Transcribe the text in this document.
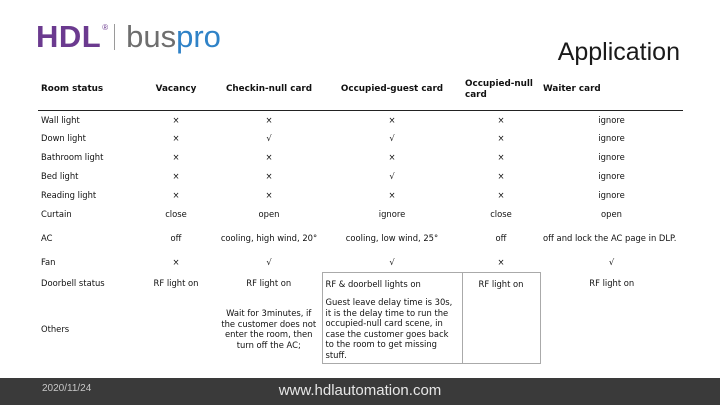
HDL ® bus pro	Application
Room status	Vacancy	Checkin-null card	Occupied-guest card	Occupied-null card	Waiter card
Wall light	×	×	×	×	ignore
Down light	×	√	√	×	ignore
Bathroom light	×	×	×	×	ignore
Bed light	×	×	√	×	ignore
Reading light	×	×	×	×	ignore
Curtain	close	open	ignore	close	open
AC	off	cooling, high wind, 20°	cooling, low wind, 25°	off	off and lock the AC page in DLP.
Fan	×	√	√	×	√
Doorbell status	RF light on	RF light on	RF & doorbell lights on	RF light on	RF light on
Others		Wait for 3minutes, if the customer does not enter the room, then turn off the AC;	Guest leave delay time is 30s, it is the delay time to run the occupied-null card scene, in case the customer goes back to the room to get missing stuff.		
2020/11/24	www.hdlautomation.com
